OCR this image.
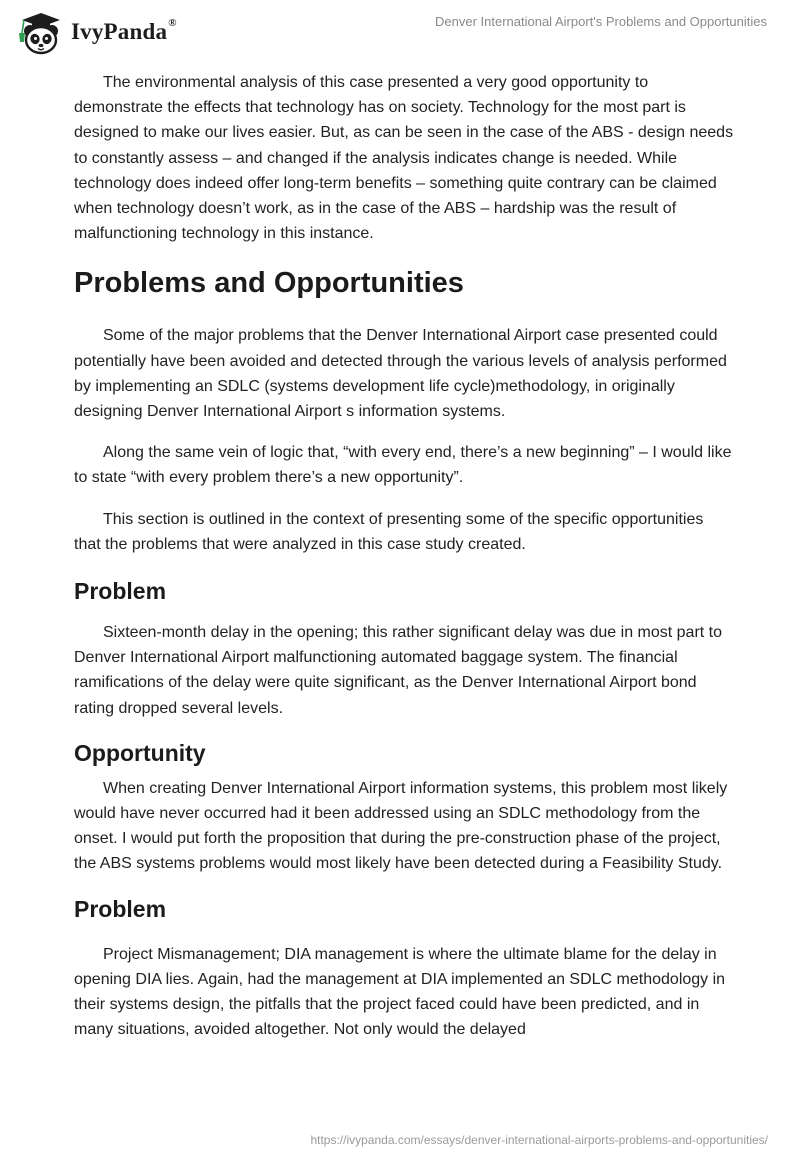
IvyPanda®	Denver International Airport's Problems and Opportunities

The environmental analysis of this case presented a very good opportunity to demonstrate the effects that technology has on society. Technology for the most part is designed to make our lives easier. But, as can be seen in the case of the ABS - design needs to constantly assess – and changed if the analysis indicates change is needed. While technology does indeed offer long-term benefits – something quite contrary can be claimed when technology doesn’t work, as in the case of the ABS – hardship was the result of malfunctioning technology in this instance.

Problems and Opportunities

Some of the major problems that the Denver International Airport case presented could potentially have been avoided and detected through the various levels of analysis performed by implementing an SDLC (systems development life cycle)methodology, in originally designing Denver International Airport s information systems.

Along the same vein of logic that, “with every end, there’s a new beginning” – I would like to state “with every problem there’s a new opportunity”.

This section is outlined in the context of presenting some of the specific opportunities that the problems that were analyzed in this case study created.

Problem

Sixteen-month delay in the opening; this rather significant delay was due in most part to Denver International Airport malfunctioning automated baggage system. The financial ramifications of the delay were quite significant, as the Denver International Airport bond rating dropped several levels.

Opportunity

When creating Denver International Airport information systems, this problem most likely would have never occurred had it been addressed using an SDLC methodology from the onset. I would put forth the proposition that during the pre-construction phase of the project, the ABS systems problems would most likely have been detected during a Feasibility Study.

Problem

Project Mismanagement; DIA management is where the ultimate blame for the delay in opening DIA lies. Again, had the management at DIA implemented an SDLC methodology in their systems design, the pitfalls that the project faced could have been predicted, and in many situations, avoided altogether. Not only would the delayed

https://ivypanda.com/essays/denver-international-airports-problems-and-opportunities/
